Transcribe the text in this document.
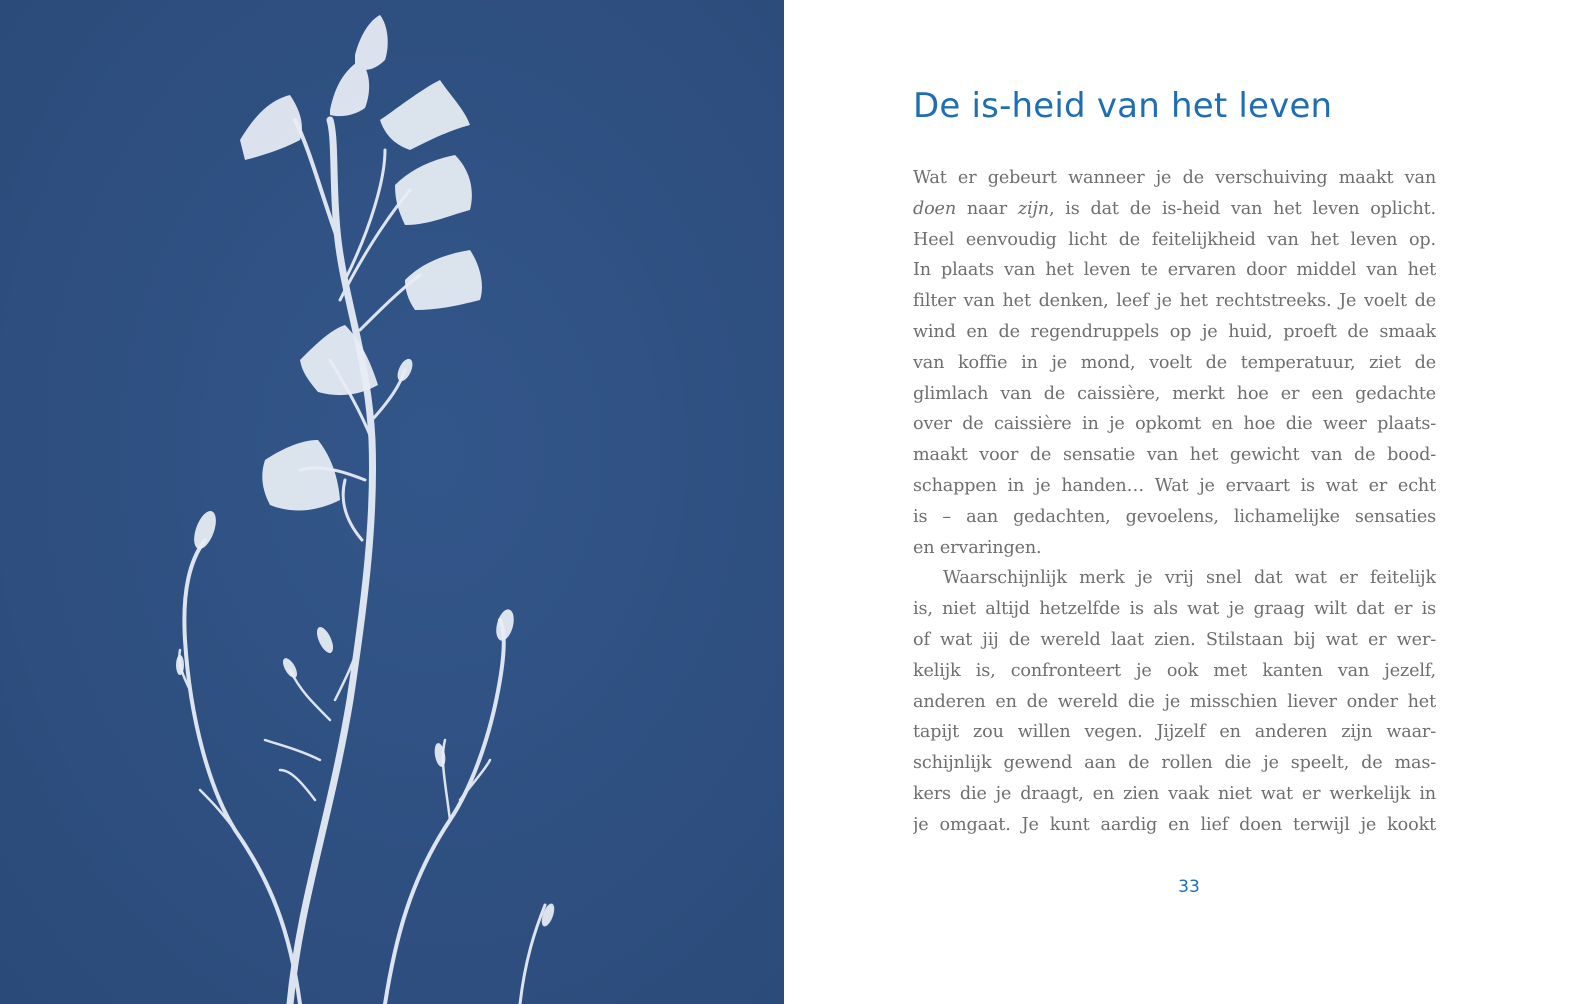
De is-heid van het leven
Wat er gebeurt wanneer je de verschuiving maakt van
doen naar zijn, is dat de is-heid van het leven oplicht.
Heel eenvoudig licht de feitelijkheid van het leven op.
In plaats van het leven te ervaren door middel van het
filter van het denken, leef je het rechtstreeks. Je voelt de
wind en de regendruppels op je huid, proeft de smaak
van koffie in je mond, voelt de temperatuur, ziet de
glimlach van de caissière, merkt hoe er een gedachte
over de caissière in je opkomt en hoe die weer plaats-
maakt voor de sensatie van het gewicht van de bood-
schappen in je handen… Wat je ervaart is wat er echt
is – aan gedachten, gevoelens, lichamelijke sensaties
en ervaringen.
Waarschijnlijk merk je vrij snel dat wat er feitelijk
is, niet altijd hetzelfde is als wat je graag wilt dat er is
of wat jij de wereld laat zien. Stilstaan bij wat er wer-
kelijk is, confronteert je ook met kanten van jezelf,
anderen en de wereld die je misschien liever onder het
tapijt zou willen vegen. Jijzelf en anderen zijn waar-
schijnlijk gewend aan de rollen die je speelt, de mas-
kers die je draagt, en zien vaak niet wat er werkelijk in
je omgaat. Je kunt aardig en lief doen terwijl je kookt
33
